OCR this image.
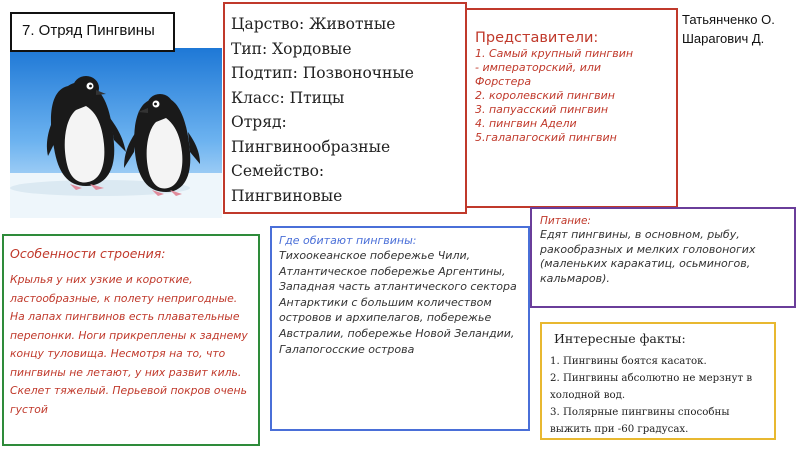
7. Отряд Пингвины	Царство: Животные
Тип: Хордовые
Подтип: Позвоночные
Класс: Птицы
Отряд:
Пингвинообразные
Семейство:
Пингвиновые
Представители:
1. Самый крупный пингвин
- императорский, или
Форстера
2. королевский пингвин
3. папуасский пингвин
4. пингвин Адели
5.галапагоский пингвин
Татьянченко О.
Шарагович Д.
Особенности строения:
Крылья у них узкие и короткие, ластообразные, к полету непригодные. На лапах пингвинов есть плавательные перепонки. Ноги прикреплены к заднему концу туловища. Несмотря на то, что пингвины не летают, у них развит киль. Скелет тяжелый. Перьевой покров очень густой
Где обитают пингвины:
Тихоокеанское побережье Чили, Атлантическое побережье Аргентины, Западная часть атлантического сектора Антарктики с большим количеством островов и архипелагов, побережье Австралии, побережье Новой Зеландии, Галапогосские острова
Питание:
Едят пингвины, в основном, рыбу, ракообразных и мелких головоногих (маленьких каракатиц, осьминогов, кальмаров).
Интересные факты:
1. Пингвины боятся касаток.
2. Пингвины абсолютно не мерзнут в холодной вод.
3. Полярные пингвины способны выжить при -60 градусах.
